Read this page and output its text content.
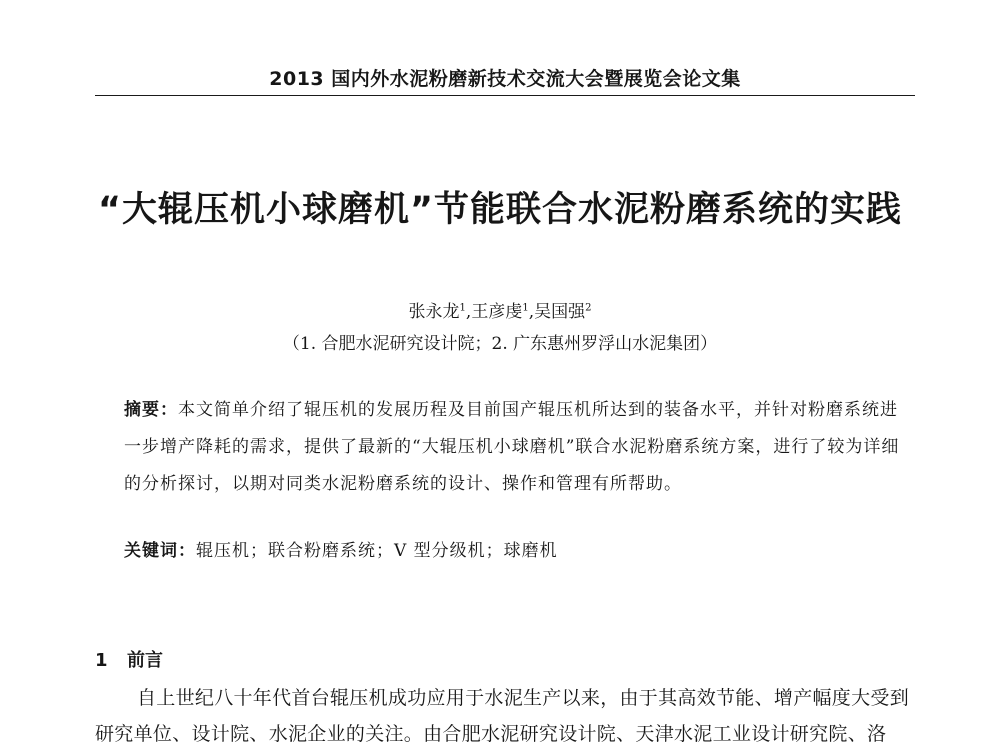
2013 国内外水泥粉磨新技术交流大会暨展览会论文集
“大辊压机小球磨机”节能联合水泥粉磨系统的实践
张永龙$^1$,王彦虔$^1$,吴国强$^2$
（1. 合肥水泥研究设计院；2. 广东惠州罗浮山水泥集团）
摘要：本文简单介绍了辊压机的发展历程及目前国产辊压机所达到的装备水平，并针对粉磨系统进一步增产降耗的需求，提供了最新的“大辊压机小球磨机”联合水泥粉磨系统方案，进行了较为详细的分析探讨，以期对同类水泥粉磨系统的设计、操作和管理有所帮助。
关键词：辊压机；联合粉磨系统；V 型分级机；球磨机
1 前言
自上世纪八十年代首台辊压机成功应用于水泥生产以来，由于其高效节能、增产幅度大受到研究单位、设计院、水泥企业的关注。由合肥水泥研究设计院、天津水泥工业设计研究院、洛
